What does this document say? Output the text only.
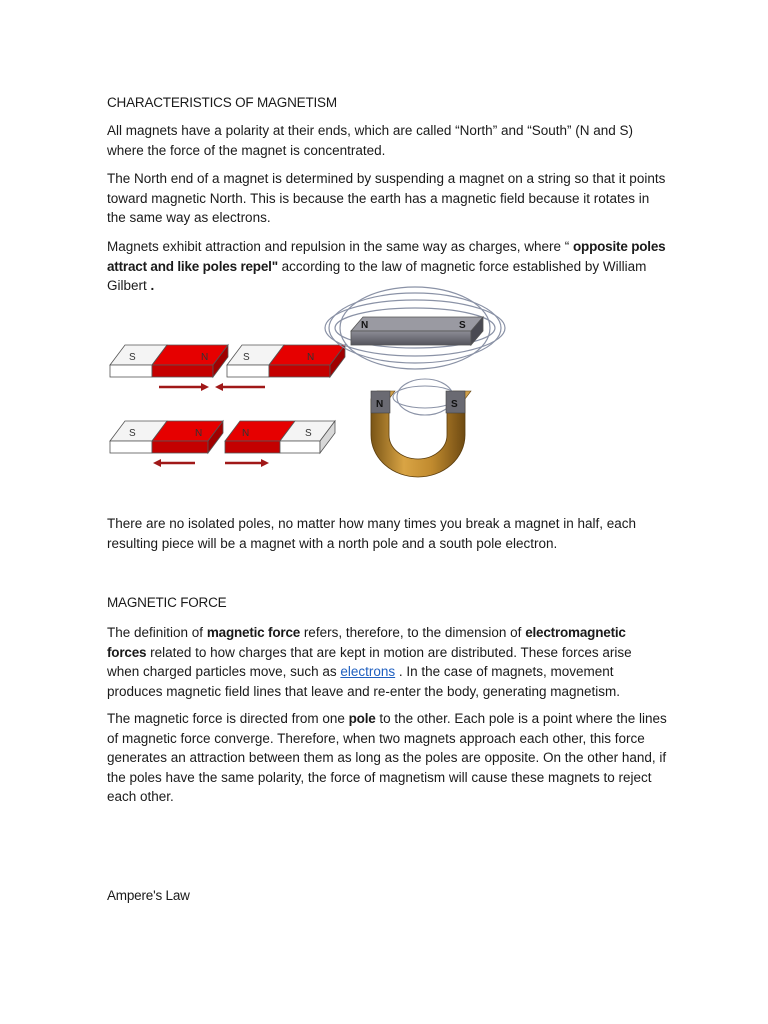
CHARACTERISTICS OF MAGNETISM

All magnets have a polarity at their ends, which are called “North” and “South” (N and S) where the force of the magnet is concentrated.

The North end of a magnet is determined by suspending a magnet on a string so that it points toward magnetic North. This is because the earth has a magnetic field because it rotates in the same way as electrons.

Magnets exhibit attraction and repulsion in the same way as charges, where “ opposite poles attract and like poles repel" according to the law of magnetic force established by William Gilbert .

S	N	S	N
S	N	N	S
N	S
N	S

There are no isolated poles, no matter how many times you break a magnet in half, each resulting piece will be a magnet with a north pole and a south pole electron.

MAGNETIC FORCE

The definition of magnetic force refers, therefore, to the dimension of electromagnetic forces related to how charges that are kept in motion are distributed. These forces arise when charged particles move, such as electrons . In the case of magnets, movement produces magnetic field lines that leave and re-enter the body, generating magnetism.

The magnetic force is directed from one pole to the other. Each pole is a point where the lines of magnetic force converge. Therefore, when two magnets approach each other, this force generates an attraction between them as long as the poles are opposite. On the other hand, if the poles have the same polarity, the force of magnetism will cause these magnets to reject each other.

Ampere's Law
